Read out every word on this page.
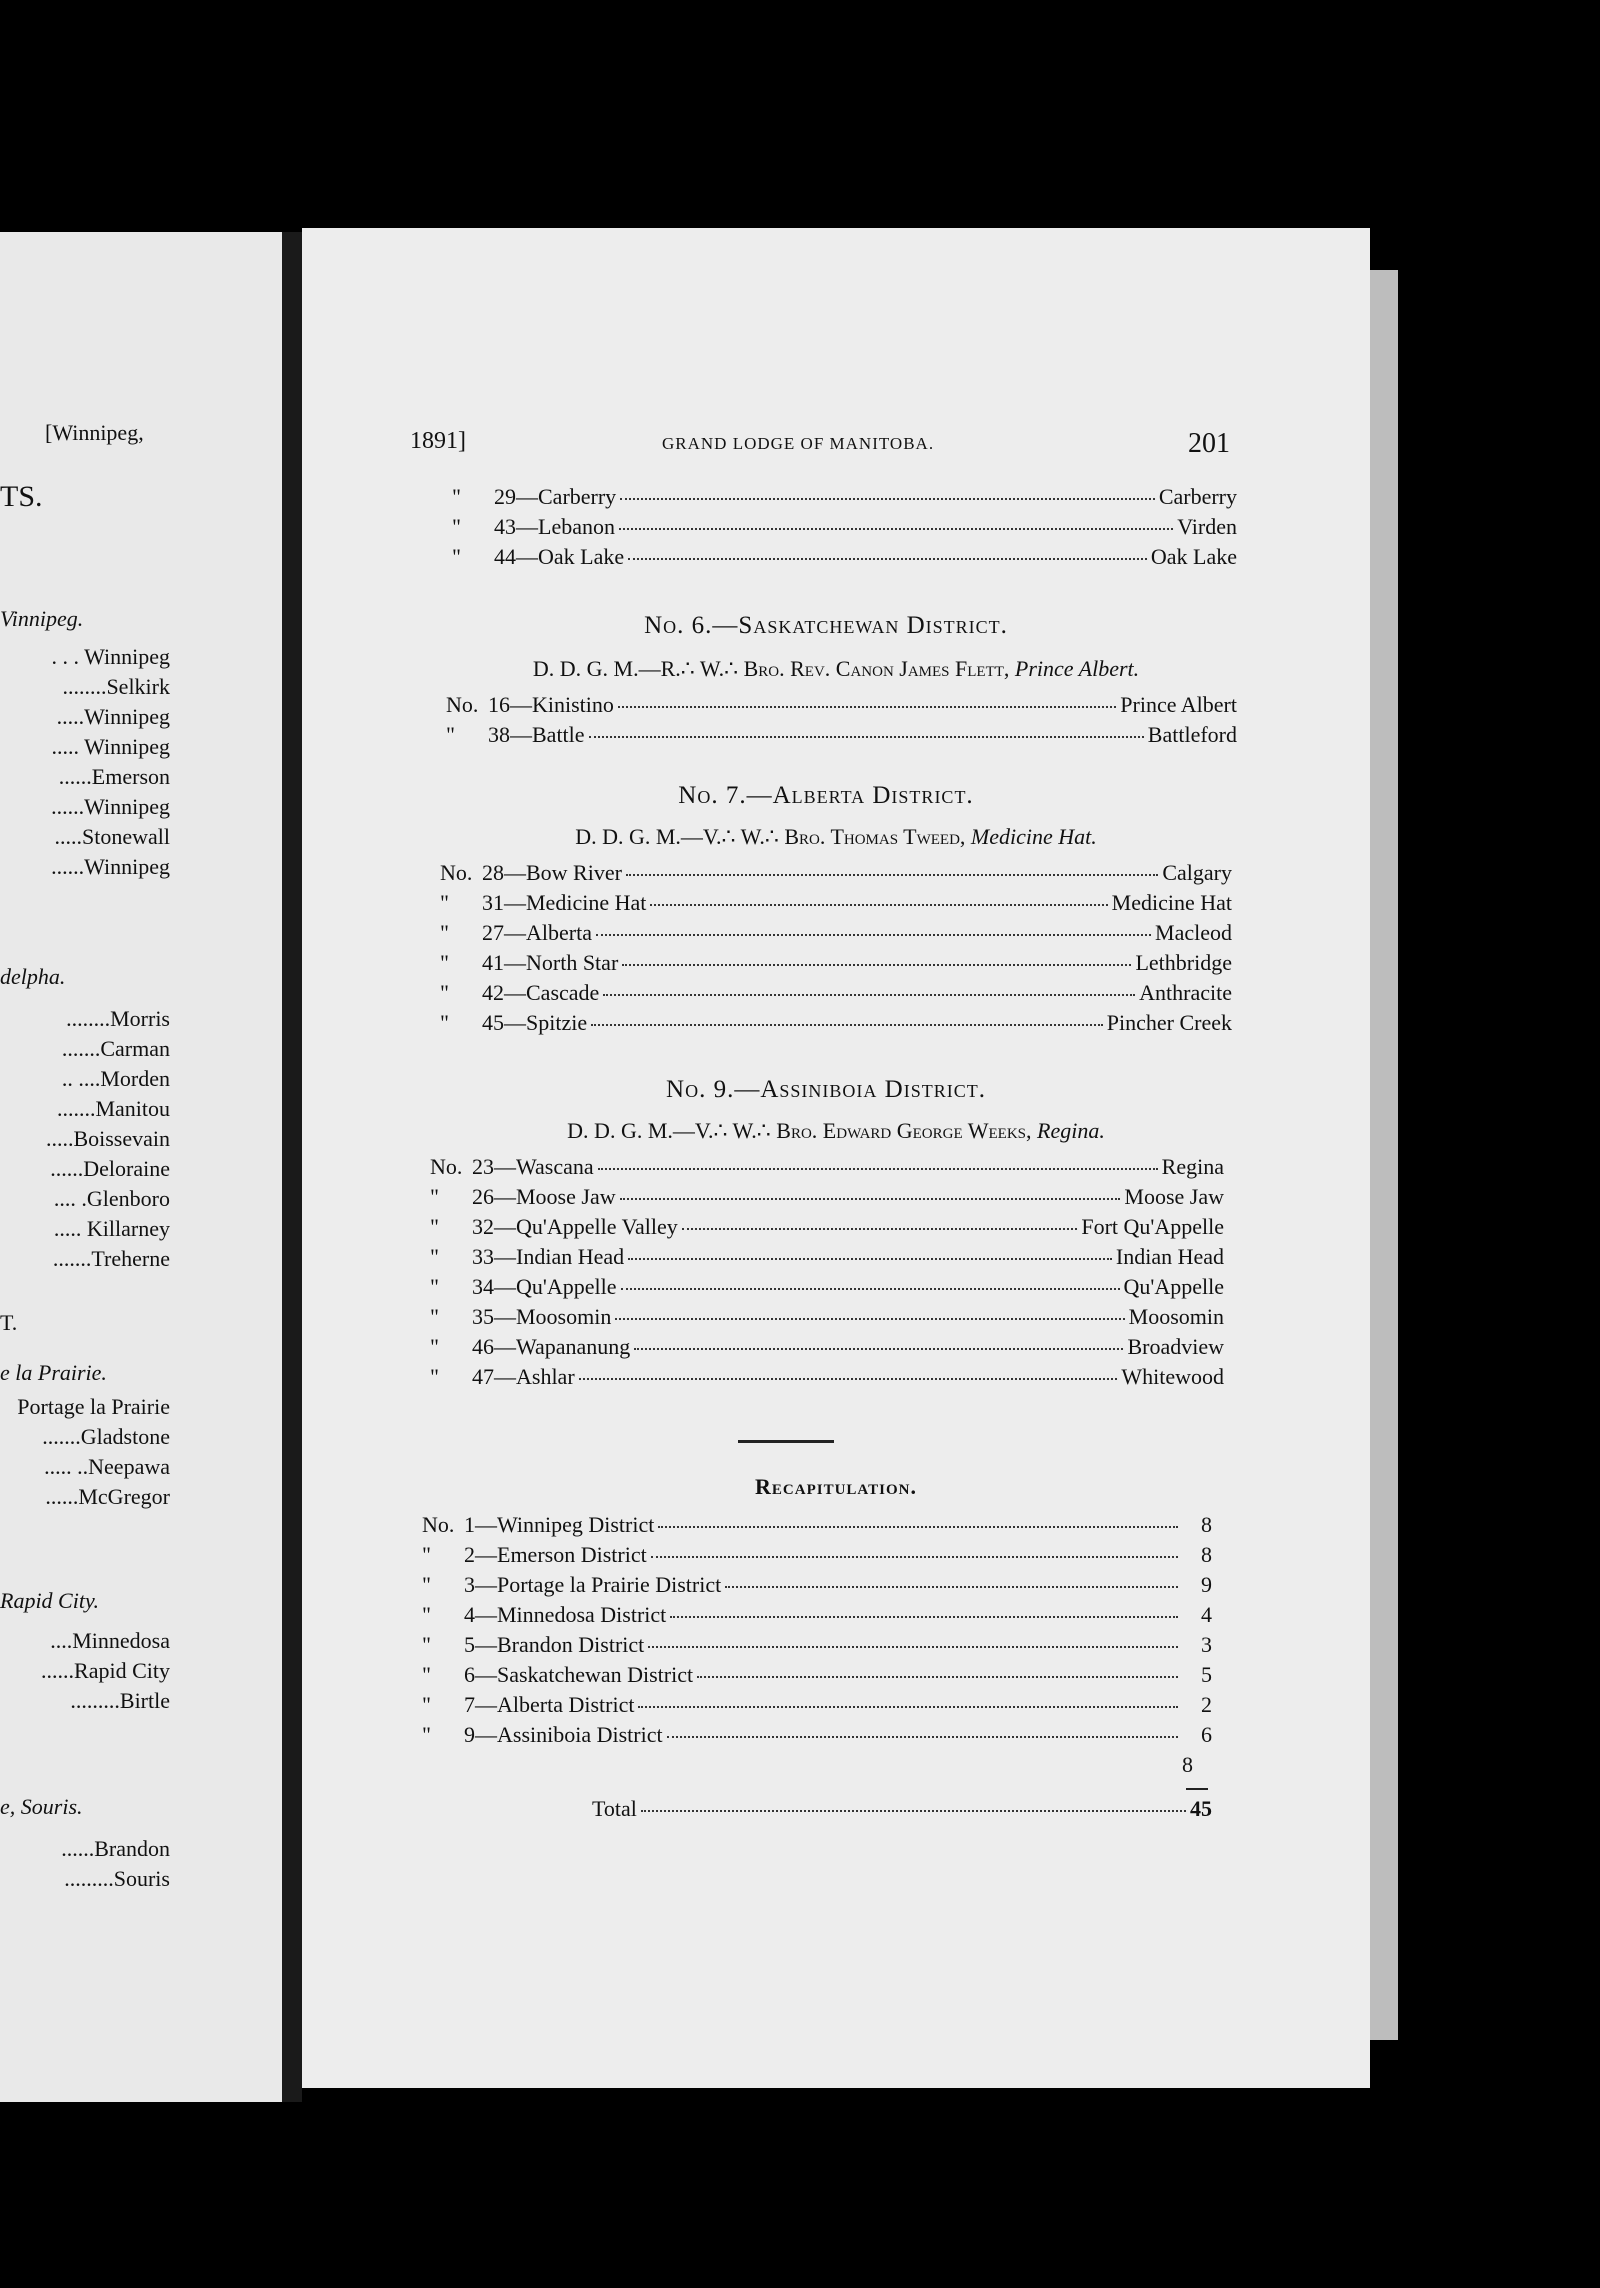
[Winnipeg,
TS.
Vinnipeg.
. . . Winnipeg
........Selkirk
.....Winnipeg
..... Winnipeg
......Emerson
......Winnipeg
.....Stonewall
......Winnipeg
delpha.
........Morris
.......Carman
.. ....Morden
.......Manitou
.....Boissevain
......Deloraine
.... .Glenboro
..... Killarney
.......Treherne
T.
e la Prairie.
Portage la Prairie
.......Gladstone
..... ..Neepawa
......McGregor
Rapid City.
....Minnedosa
......Rapid City
.........Birtle
e, Souris.
......Brandon
.........Souris
1891]	GRAND LODGE OF MANITOBA.	201
"	29—Carberry	Carberry
"	43—Lebanon	Virden
"	44—Oak Lake	Oak Lake
No. 6.—Saskatchewan District.
D. D. G. M.—R.∴ W.∴ Bro. Rev. Canon James Flett, Prince Albert.
No. 16—Kinistino	Prince Albert
"	38—Battle	Battleford
No. 7.—Alberta District.
D. D. G. M.—V.∴ W.∴ Bro. Thomas Tweed, Medicine Hat.
No. 28—Bow River	Calgary
"	31—Medicine Hat	Medicine Hat
"	27—Alberta	Macleod
"	41—North Star	Lethbridge
"	42—Cascade	Anthracite
"	45—Spitzie	Pincher Creek
No. 9.—Assiniboia District.
D. D. G. M.—V.∴ W.∴ Bro. Edward George Weeks, Regina.
No. 23—Wascana	Regina
"	26—Moose Jaw	Moose Jaw
"	32—Qu'Appelle Valley	Fort Qu'Appelle
"	33—Indian Head	Indian Head
"	34—Qu'Appelle	Qu'Appelle
"	35—Moosomin	Moosomin
"	46—Wapananung	Broadview
"	47—Ashlar	Whitewood
Recapitulation.
No. 1—Winnipeg District	8
"	2—Emerson District	8
"	3—Portage la Prairie District	9
"	4—Minnedosa District	4
"	5—Brandon District	3
"	6—Saskatchewan District	5
"	7—Alberta District	2
"	9—Assiniboia District	6
8
Total	45
